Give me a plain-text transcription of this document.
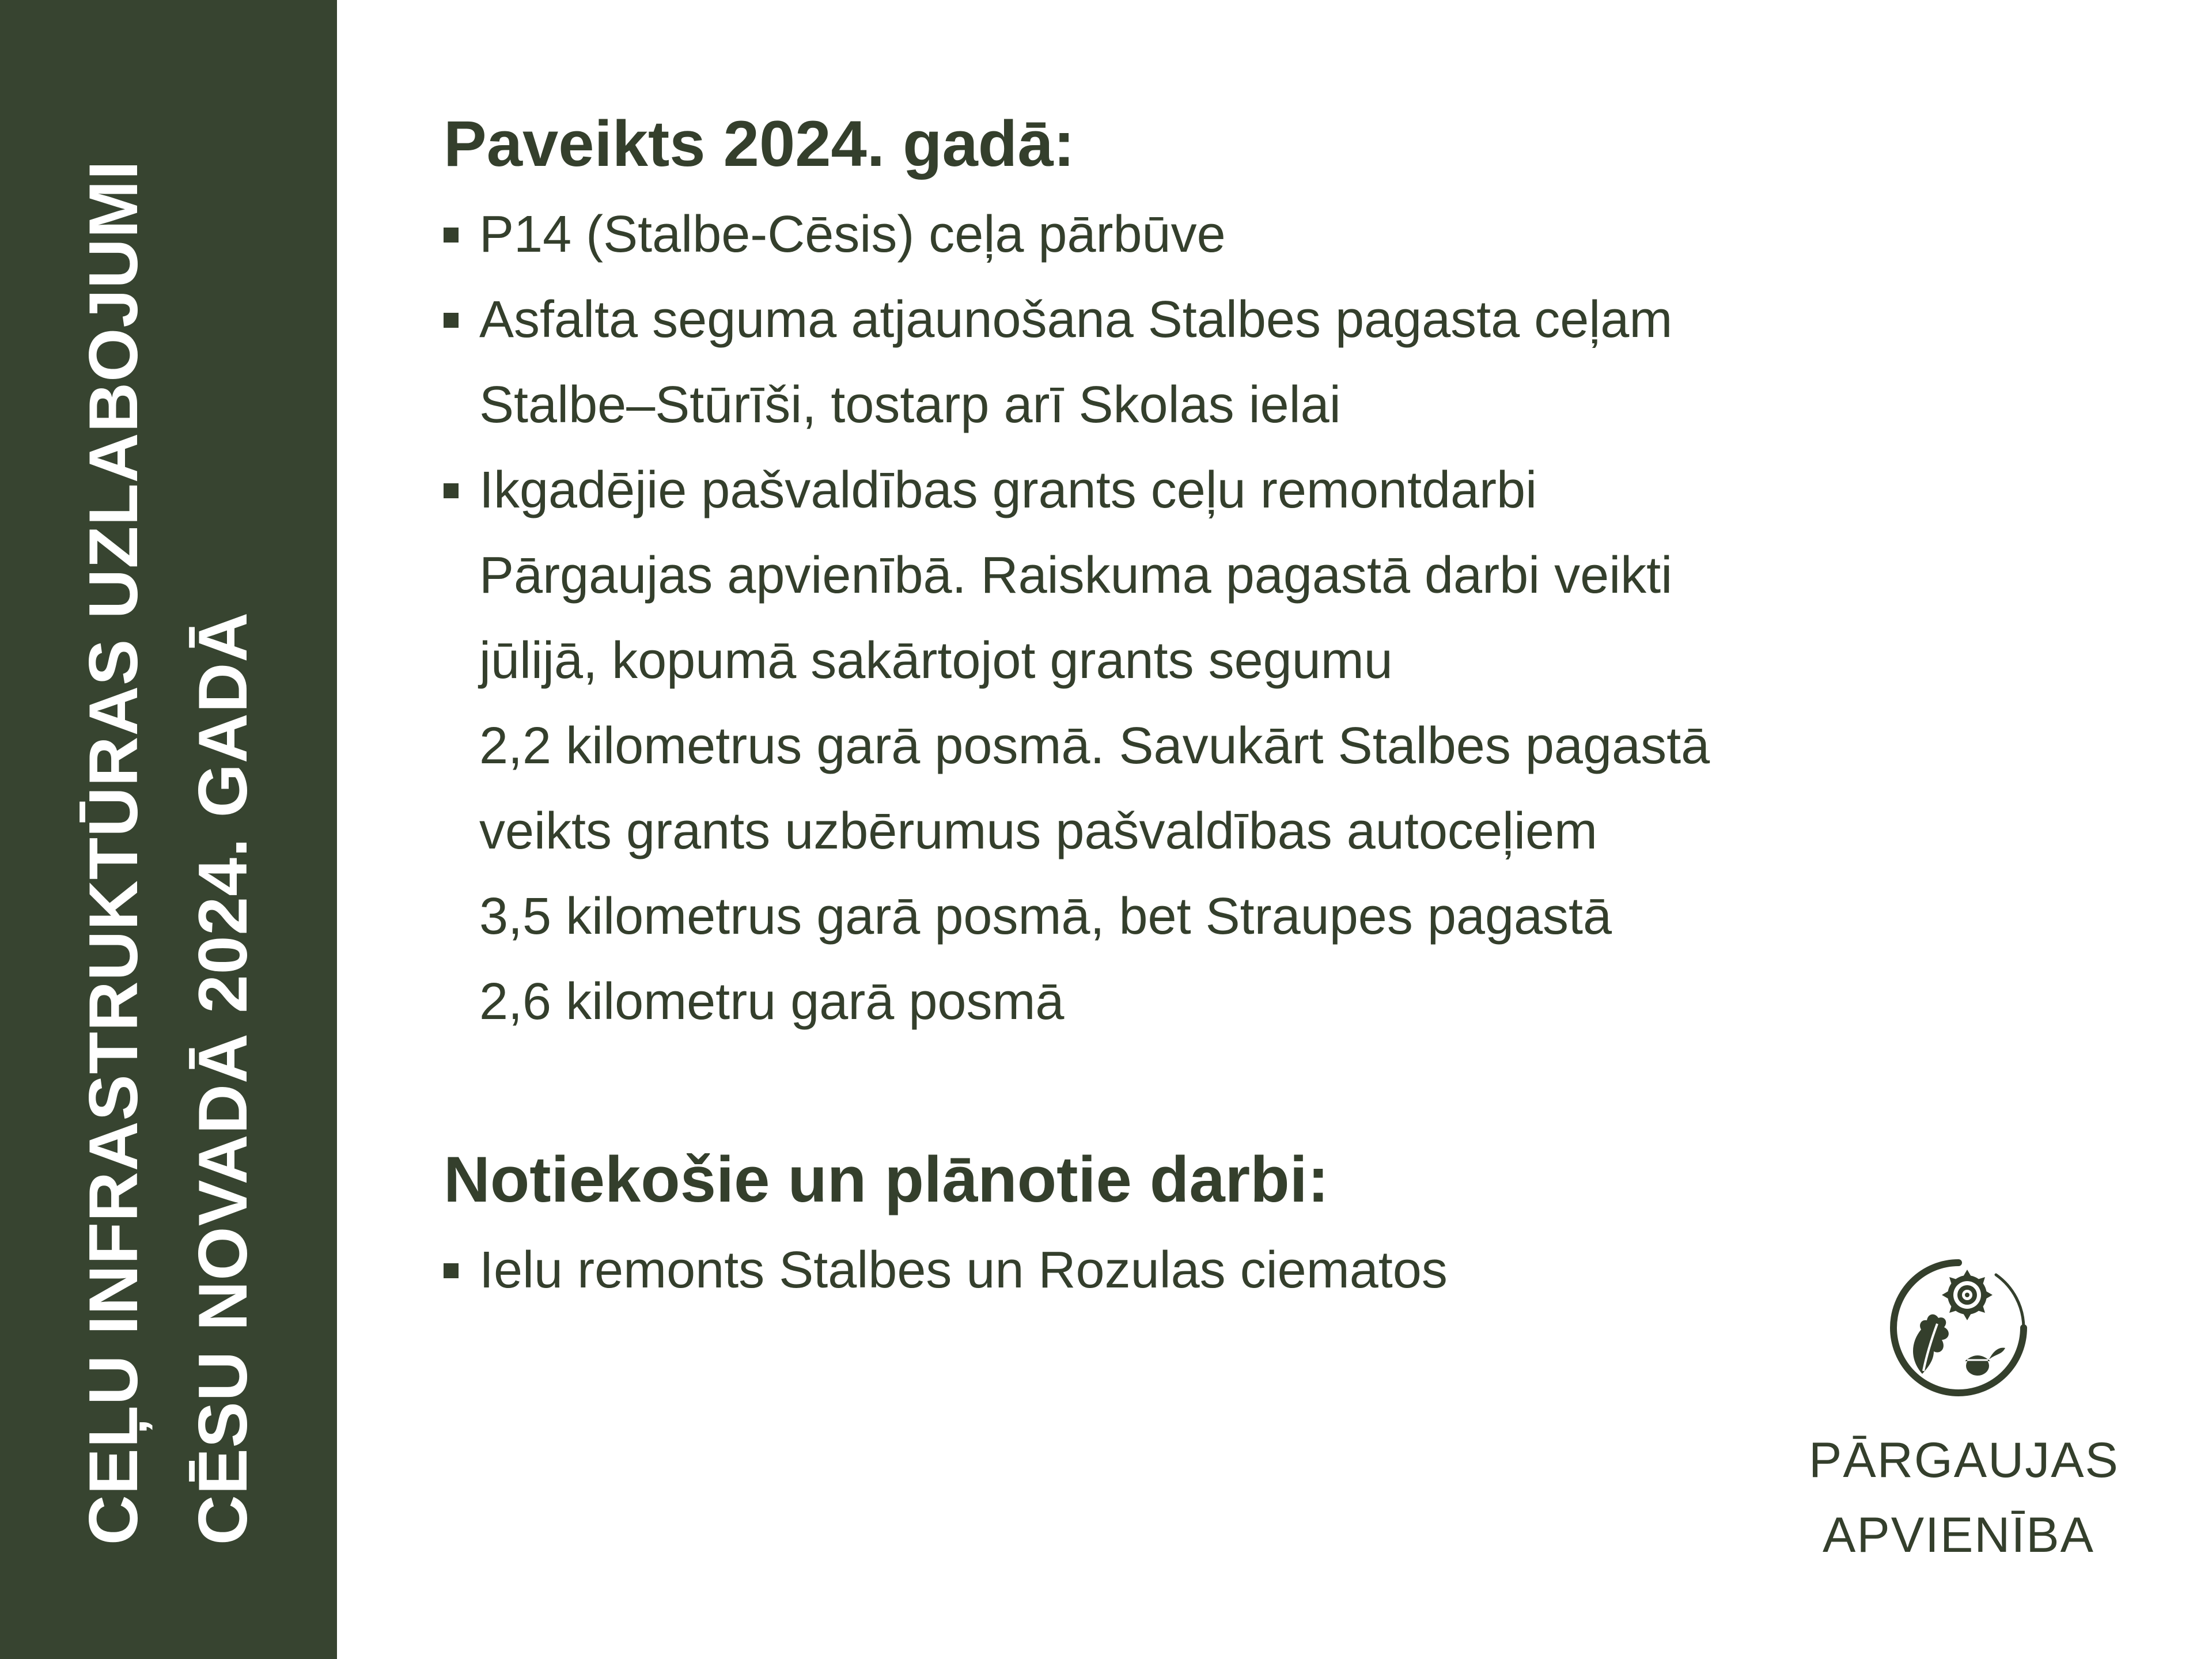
CEĻU INFRASTRUKTŪRAS UZLABOJUMI CĒSU NOVADĀ 2024. GADĀ
Paveikts 2024. gadā:
P14 (Stalbe-Cēsis) ceļa pārbūve
Asfalta seguma atjaunošana Stalbes pagasta ceļam
Stalbe–Stūrīši, tostarp arī Skolas ielai
Ikgadējie pašvaldības grants ceļu remontdarbi
Pārgaujas apvienībā. Raiskuma pagastā darbi veikti
jūlijā, kopumā sakārtojot grants segumu
2,2 kilometrus garā posmā. Savukārt Stalbes pagastā
veikts grants uzbērumus pašvaldības autoceļiem
3,5 kilometrus garā posmā, bet Straupes pagastā
2,6 kilometru garā posmā
Notiekošie un plānotie darbi:
Ielu remonts Stalbes un Rozulas ciematos
PĀRGAUJAS
APVIENĪBA
